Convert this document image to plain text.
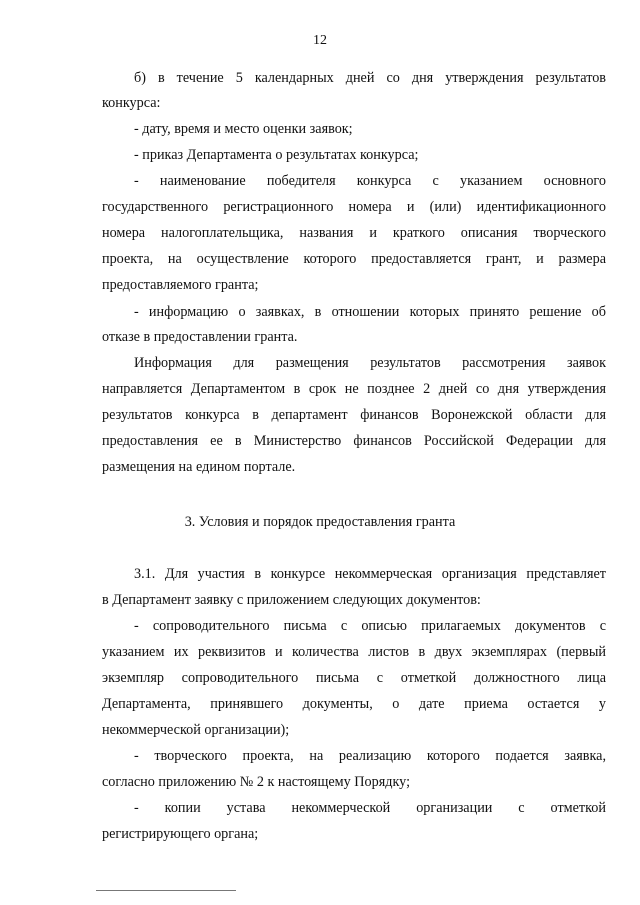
12
б) в течение 5 календарных дней со дня утверждения результатов
конкурса:
- дату, время и место оценки заявок;
- приказ Департамента о результатах конкурса;
- наименование победителя конкурса с указанием основного
государственного регистрационного номера и (или) идентификационного
номера налогоплательщика, названия и краткого описания творческого
проекта, на осуществление которого предоставляется грант, и размера
предоставляемого гранта;
- информацию о заявках, в отношении которых принято решение об
отказе в предоставлении гранта.
Информация для размещения результатов рассмотрения заявок
направляется Департаментом в срок не позднее 2 дней со дня утверждения
результатов конкурса в департамент финансов Воронежской области для
предоставления ее в Министерство финансов Российской Федерации для
размещения на едином портале.
3. Условия и порядок предоставления гранта
3.1. Для участия в конкурсе некоммерческая организация представляет
в Департамент заявку с приложением следующих документов:
- сопроводительного письма с описью прилагаемых документов с
указанием их реквизитов и количества листов в двух экземплярах (первый
экземпляр сопроводительного письма с отметкой должностного лица
Департамента, принявшего документы, о дате приема остается у
некоммерческой организации);
- творческого проекта, на реализацию которого подается заявка,
согласно приложению № 2 к настоящему Порядку;
- копии устава некоммерческой организации с отметкой
регистрирующего органа;
